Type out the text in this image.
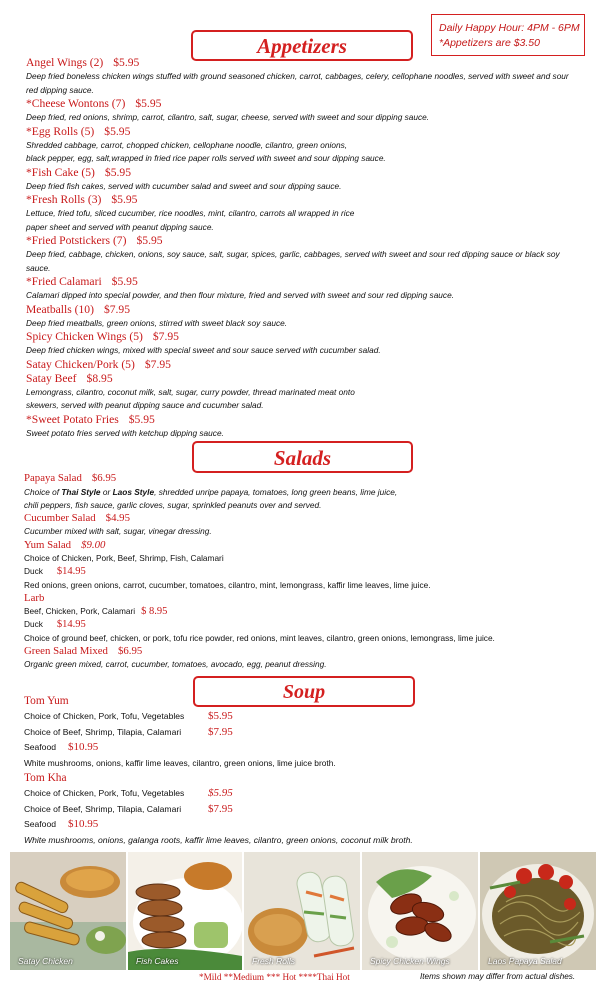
Daily Happy Hour: 4PM - 6PM
*Appetizers are $3.50
Appetizers
Salads
Soup
Angel Wings (2) $5.95
Deep fried boneless chicken wings stuffed with ground seasoned chicken, carrot, cabbages, celery, cellophane noodles, served with sweet and sour
red dipping sauce.
*Cheese Wontons (7) $5.95
Deep fried, red onions, shrimp, carrot, cilantro, salt, sugar, cheese, served with sweet and sour dipping sauce.
*Egg Rolls (5) $5.95
Shredded cabbage, carrot, chopped chicken, cellophane noodle, cilantro, green onions,
black pepper, egg, salt,wrapped in fried rice paper rolls served with sweet and sour dipping sauce.
*Fish Cake (5) $5.95
Deep fried fish cakes, served with cucumber salad and sweet and sour dipping sauce.
*Fresh Rolls (3) $5.95
Lettuce, fried tofu, sliced cucumber, rice noodles, mint, cilantro, carrots all wrapped in rice
paper sheet and served with peanut dipping sauce.
*Fried Potstickers (7) $5.95
Deep fried, cabbage, chicken, onions, soy sauce, salt, sugar, spices, garlic, cabbages, served with sweet and sour red dipping sauce or black soy
sauce.
*Fried Calamari $5.95
Calamari dipped into special powder, and then flour mixture, fried and served with sweet and sour red dipping sauce.
Meatballs (10) $7.95
Deep fried meatballs, green onions, stirred with sweet black soy sauce.
Spicy Chicken Wings (5) $7.95
Deep fried chicken wings, mixed with special sweet and sour sauce served with cucumber salad.
Satay Chicken/Pork (5) $7.95
Satay Beef $8.95
Lemongrass, cilantro, coconut milk, salt, sugar, curry powder, thread marinated meat onto
skewers, served with peanut dipping sauce and cucumber salad.
*Sweet Potato Fries $5.95
Sweet potato fries served with ketchup dipping sauce.
Papaya Salad $6.95
Choice of Thai Style or Laos Style, shredded unripe papaya, tomatoes, long green beans, lime juice,
chili peppers, fish sauce, garlic cloves, sugar, sprinkled peanuts over and served.
Cucumber Salad $4.95
Cucumber mixed with salt, sugar, vinegar dressing.
Yum Salad $9.00
Choice of Chicken, Pork, Beef, Shrimp, Fish, Calamari
Duck $14.95
Red onions, green onions, carrot, cucumber, tomatoes, cilantro, mint, lemongrass, kaffir lime leaves, lime juice.
Larb
Beef, Chicken, Pork, Calamari $ 8.95
Duck $14.95
Choice of ground beef, chicken, or pork, tofu rice powder, red onions, mint leaves, cilantro, green onions, lemongrass, lime juice.
Green Salad Mixed $6.95
Organic green mixed, carrot, cucumber, tomatoes, avocado, egg, peanut dressing.
Tom Yum
Choice of Chicken, Pork, Tofu, Vegetables $5.95
Choice of Beef, Shrimp, Tilapia, Calamari $7.95
Seafood $10.95
White mushrooms, onions, kaffir lime leaves, cilantro, green onions, lime juice broth.
Tom Kha
Choice of Chicken, Pork, Tofu, Vegetables $5.95
Choice of Beef, Shrimp, Tilapia, Calamari $7.95
Seafood $10.95
White mushrooms, onions, galanga roots, kaffir lime leaves, cilantro, green onions, coconut milk broth.
Satay Chicken	Fish Cakes	Fresh Rolls	Spicy Chicken Wings	Laos Papaya Salad
*Mild **Medium *** Hot ****Thai Hot	Items shown may differ from actual dishes.
